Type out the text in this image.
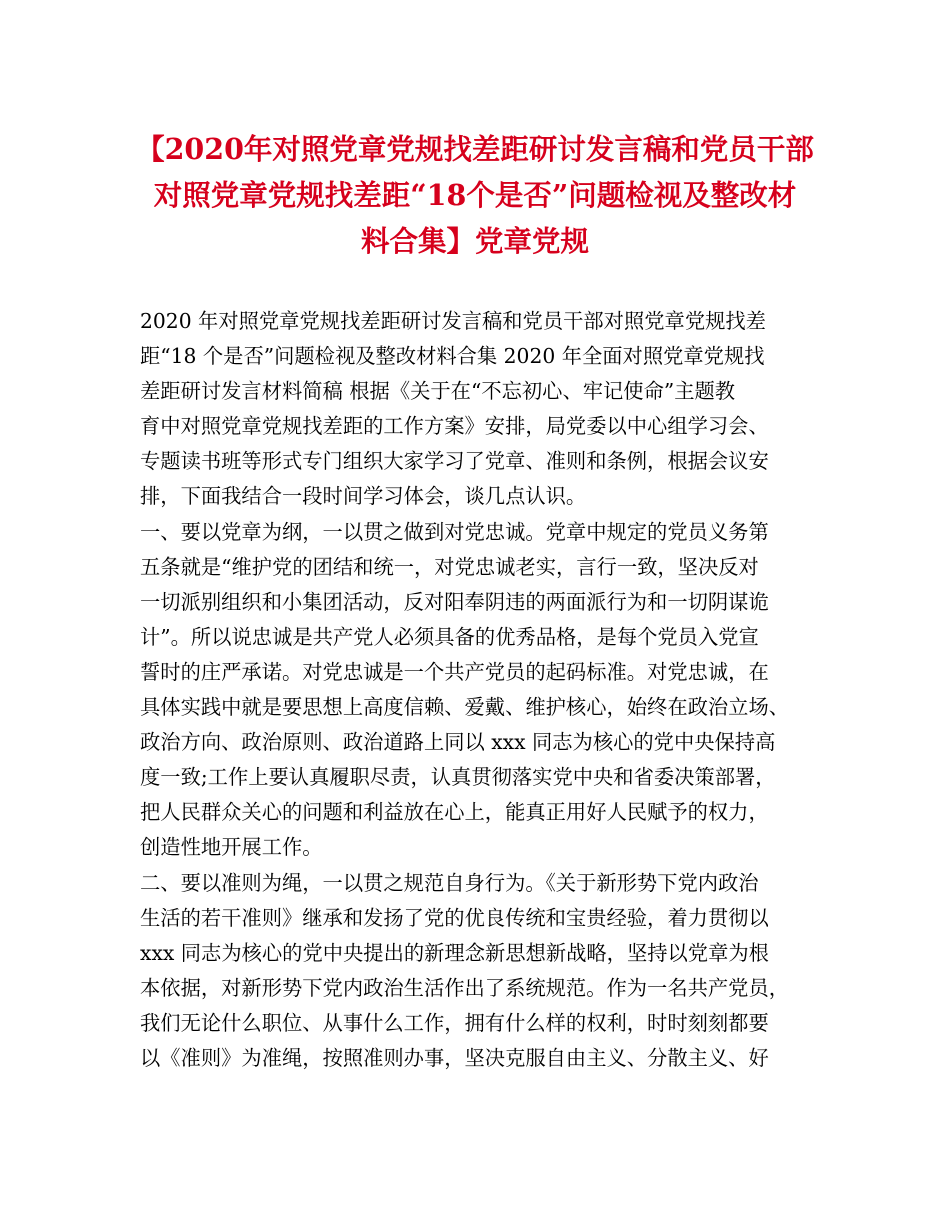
【2020年对照党章党规找差距研讨发言稿和党员干部
对照党章党规找差距“18个是否”问题检视及整改材
料合集】党章党规
2020 年对照党章党规找差距研讨发言稿和党员干部对照党章党规找差
距“18 个是否”问题检视及整改材料合集 2020 年全面对照党章党规找
差距研讨发言材料简稿 根据《关于在“不忘初心、牢记使命”主题教
育中对照党章党规找差距的工作方案》安排，局党委以中心组学习会、
专题读书班等形式专门组织大家学习了党章、准则和条例，根据会议安
排，下面我结合一段时间学习体会，谈几点认识。
一、要以党章为纲，一以贯之做到对党忠诚。党章中规定的党员义务第
五条就是“维护党的团结和统一，对党忠诚老实，言行一致，坚决反对
一切派别组织和小集团活动，反对阳奉阴违的两面派行为和一切阴谋诡
计”。所以说忠诚是共产党人必须具备的优秀品格，是每个党员入党宣
誓时的庄严承诺。对党忠诚是一个共产党员的起码标准。对党忠诚，在
具体实践中就是要思想上高度信赖、爱戴、维护核心，始终在政治立场、
政治方向、政治原则、政治道路上同以 xxx 同志为核心的党中央保持高
度一致;工作上要认真履职尽责，认真贯彻落实党中央和省委决策部署，
把人民群众关心的问题和利益放在心上，能真正用好人民赋予的权力，
创造性地开展工作。
二、要以准则为绳，一以贯之规范自身行为。《关于新形势下党内政治
生活的若干准则》继承和发扬了党的优良传统和宝贵经验，着力贯彻以
xxx 同志为核心的党中央提出的新理念新思想新战略，坚持以党章为根
本依据，对新形势下党内政治生活作出了系统规范。作为一名共产党员，
我们无论什么职位、从事什么工作，拥有什么样的权利，时时刻刻都要
以《准则》为准绳，按照准则办事，坚决克服自由主义、分散主义、好
